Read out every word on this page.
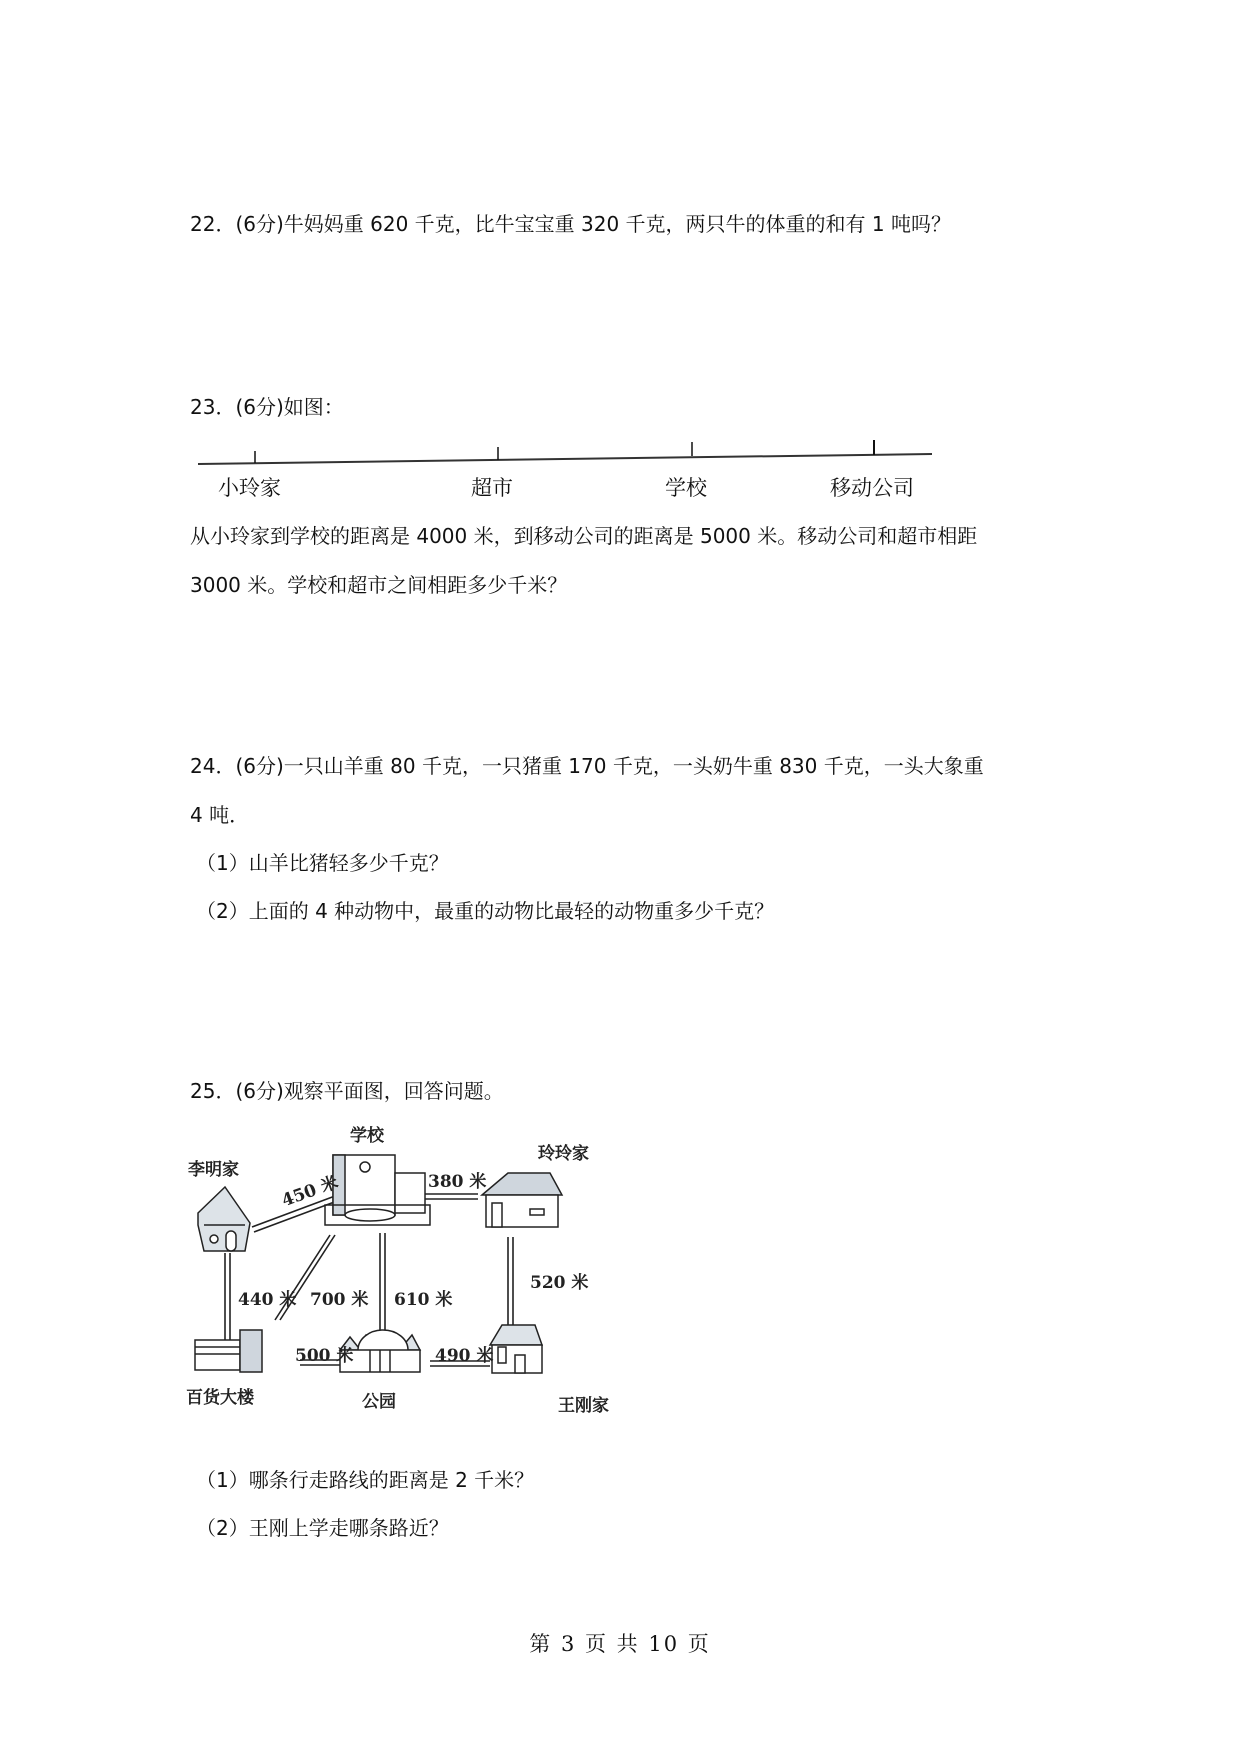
22．(6分)牛妈妈重 620 千克，比牛宝宝重 320 千克，两只牛的体重的和有 1 吨吗？
23．(6分)如图：
小玲家	超市	学校	移动公司
从小玲家到学校的距离是 4000 米，到移动公司的距离是 5000 米。移动公司和超市相距
3000 米。学校和超市之间相距多少千米？
24．(6分)一只山羊重 80 千克，一只猪重 170 千克，一头奶牛重 830 千克，一头大象重
4 吨．
（1）山羊比猪轻多少千克？
（2）上面的 4 种动物中，最重的动物比最轻的动物重多少千克？
25．(6分)观察平面图，回答问题。
学校
李明家
玲玲家
百货大楼	公园	王刚家
450 米	380 米
440 米 700 米 610 米
520 米
500 米	490 米
（1）哪条行走路线的距离是 2 千米？
（2）王刚上学走哪条路近？
第 3 页 共 10 页
